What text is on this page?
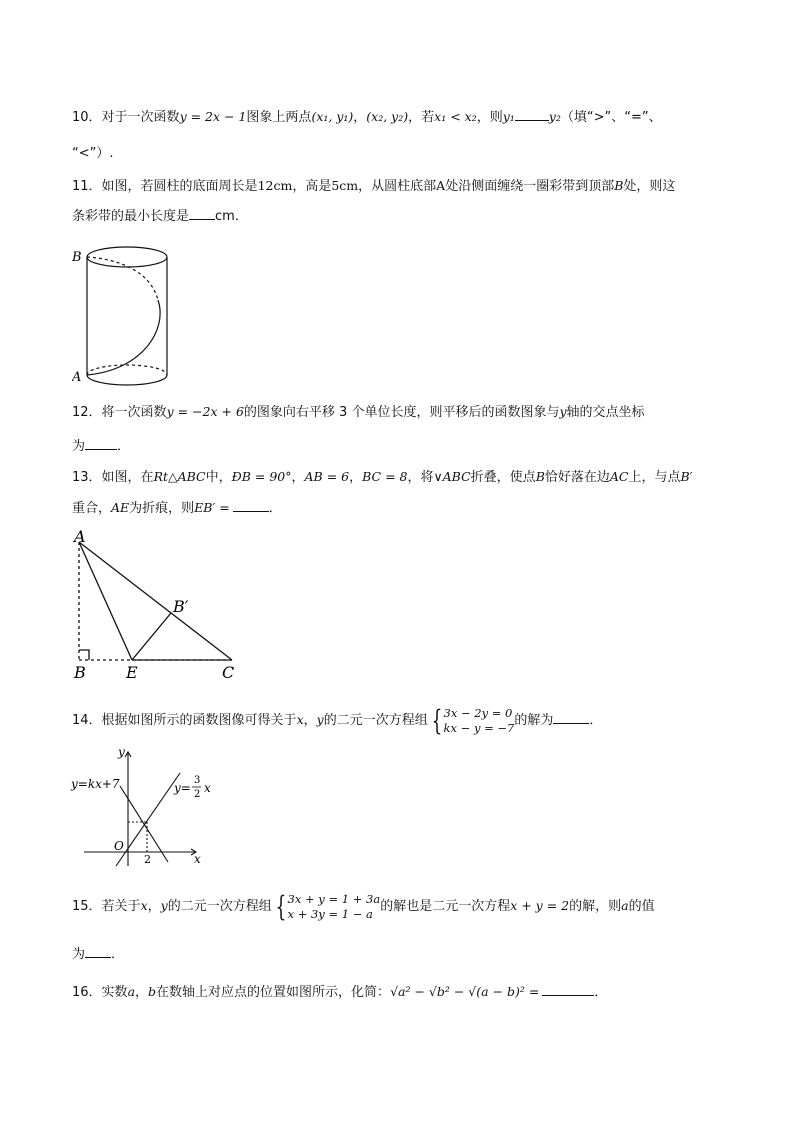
10．对于一次函数y = 2x − 1图象上两点(x₁, y₁)，(x₂, y₂)，若x₁ < x₂，则y₁	y₂（填“>”、“=”、
“<”）.
11．如图，若圆柱的底面周长是12cm，高是5cm，从圆柱底部A处沿侧面缠绕一圈彩带到顶部B处，则这
条彩带的最小长度是 cm．
B
A
12．将一次函数y = −2x + 6的图象向右平移 3 个单位长度，则平移后的函数图象与y轴的交点坐标
为 ．
13．如图，在Rt△ABC中，ÐB = 90°，AB = 6，BC = 8，将∨ABC折叠，使点B恰好落在边AC上，与点B′
重合，AE为折痕，则EB′ =	．
A
B′
B	E	C
14．根据如图所示的函数图像可得关于x，y的二元一次方程组 { 3x − 2y = 0
kx − y = −7的解为	．
y
x
O
2
y=kx+7	y=
3
2 x
15．若关于x，y的二元一次方程组 { 3x + y = 1 + 3a
x + 3y = 1 − a 的解也是二元一次方程x + y = 2的解，则a的值
为 ．
16．实数a，b在数轴上对应点的位置如图所示，化简：√a² − √b² − √(a − b)² =	．
